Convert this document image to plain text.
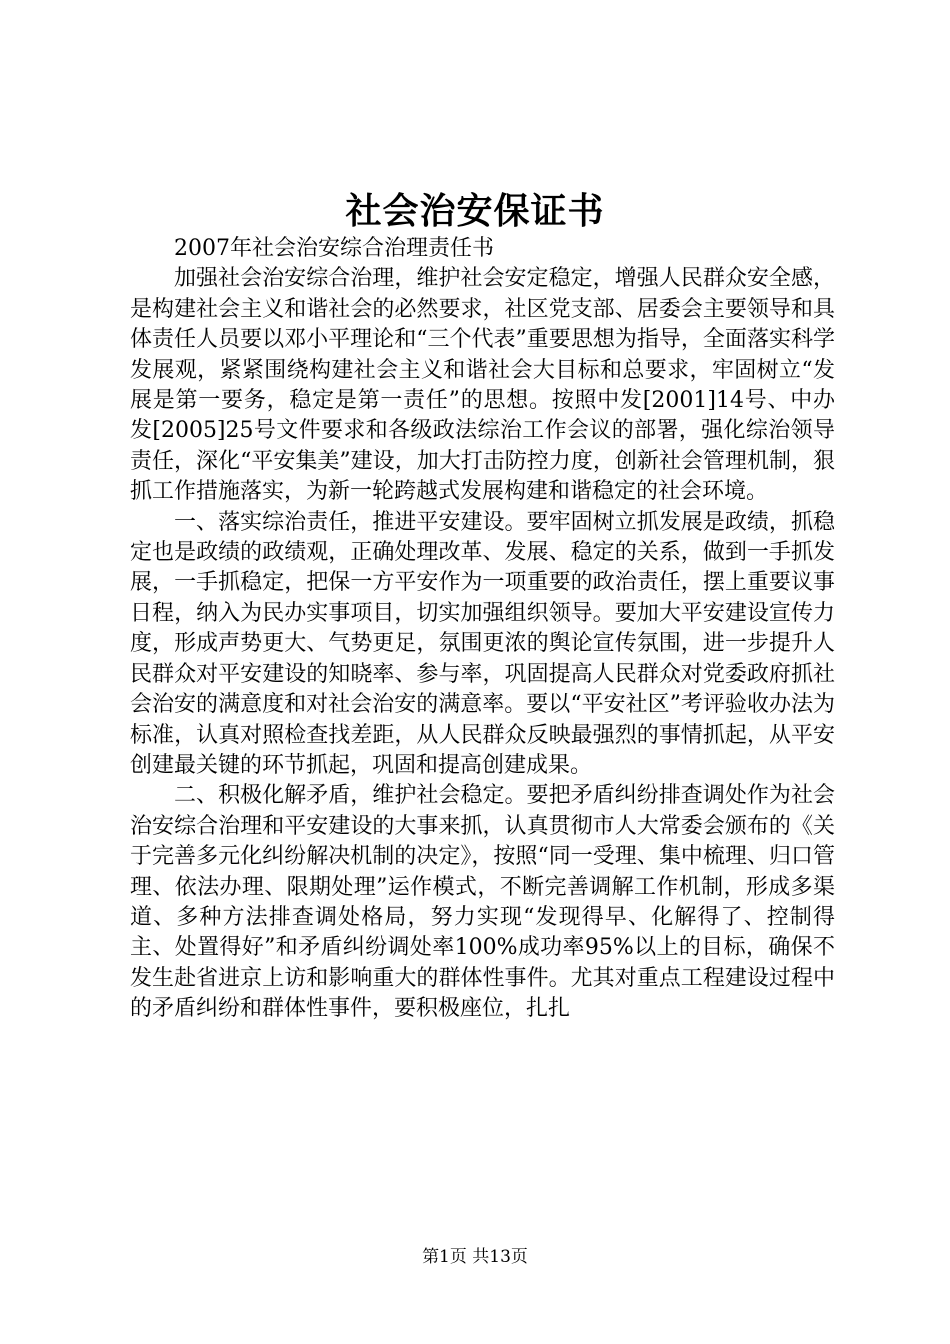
社会治安保证书

2007年社会治安综合治理责任书

加强社会治安综合治理，维护社会安定稳定，增强人民群众安全感，是构建社会主义和谐社会的必然要求，社区党支部、居委会主要领导和具体责任人员要以邓小平理论和“三个代表”重要思想为指导，全面落实科学发展观，紧紧围绕构建社会主义和谐社会大目标和总要求，牢固树立“发展是第一要务，稳定是第一责任”的思想。按照中发[2001]14号、中办发[2005]25号文件要求和各级政法综治工作会议的部署，强化综治领导责任，深化“平安集美”建设，加大打击防控力度，创新社会管理机制，狠抓工作措施落实，为新一轮跨越式发展构建和谐稳定的社会环境。

一、落实综治责任，推进平安建设。要牢固树立抓发展是政绩，抓稳定也是政绩的政绩观，正确处理改革、发展、稳定的关系，做到一手抓发展，一手抓稳定，把保一方平安作为一项重要的政治责任，摆上重要议事日程，纳入为民办实事项目，切实加强组织领导。要加大平安建设宣传力度，形成声势更大、气势更足，氛围更浓的舆论宣传氛围，进一步提升人民群众对平安建设的知晓率、参与率，巩固提高人民群众对党委政府抓社会治安的满意度和对社会治安的满意率。要以“平安社区”考评验收办法为标准，认真对照检查找差距，从人民群众反映最强烈的事情抓起，从平安创建最关键的环节抓起，巩固和提高创建成果。

二、积极化解矛盾，维护社会稳定。要把矛盾纠纷排查调处作为社会治安综合治理和平安建设的大事来抓，认真贯彻市人大常委会颁布的《关于完善多元化纠纷解决机制的决定》，按照“同一受理、集中梳理、归口管理、依法办理、限期处理”运作模式，不断完善调解工作机制，形成多渠道、多种方法排查调处格局，努力实现“发现得早、化解得了、控制得主、处置得好”和矛盾纠纷调处率100%成功率95%以上的目标，确保不发生赴省进京上访和影响重大的群体性事件。尤其对重点工程建设过程中的矛盾纠纷和群体性事件，要积极座位，扎扎

第1页 共13页
